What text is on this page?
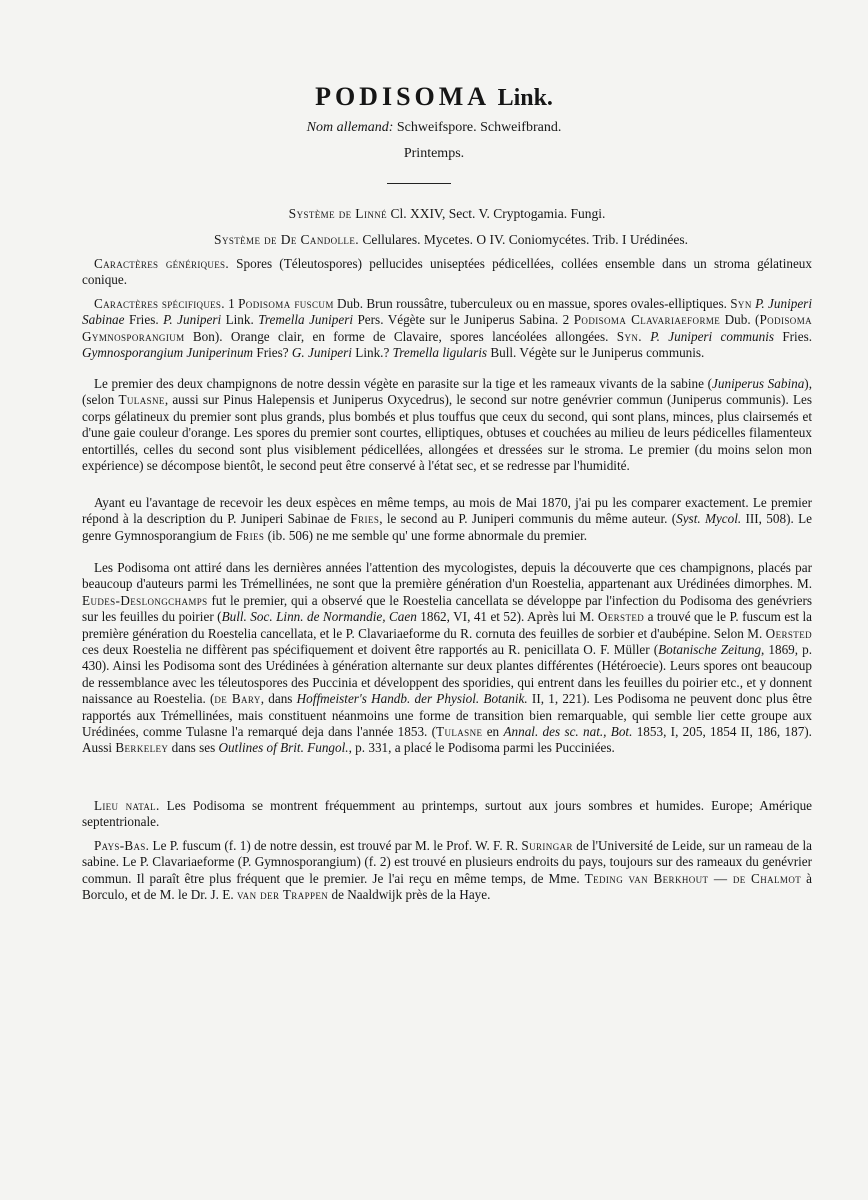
PODISOMA Link.

Nom allemand: Schweifspore. Schweifbrand.

Printemps.

Système de Linné Cl. XXIV, Sect. V. Cryptogamia. Fungi.

Système de De Candolle. Cellulares. Mycetes. O IV. Coniomycétes. Trib. I Urédinées.

Caractères génériques. Spores (Téleutospores) pellucides uniseptées pédicellées, collées ensemble dans un stroma gélatineux conique.

Caractères spécifiques. 1 Podisoma fuscum Dub. Brun roussâtre, tuberculeux ou en massue, spores ovales-elliptiques. Syn P. Juniperi Sabinae Fries. P. Juniperi Link. Tremella Juniperi Pers. Végète sur le Juniperus Sabina. 2 Podisoma Clavariaeforme Dub. (Podisoma Gymnosporangium Bon). Orange clair, en forme de Clavaire, spores lancéolées allongées. Syn. P. Juniperi communis Fries. Gymnosporangium Juniperinum Fries? G. Juniperi Link.? Tremella ligularis Bull. Végète sur le Juniperus communis.

Le premier des deux champignons de notre dessin végète en parasite sur la tige et les rameaux vivants de la sabine (Juniperus Sabina), (selon Tulasne, aussi sur Pinus Halepensis et Juniperus Oxycedrus), le second sur notre genévrier commun (Juniperus communis). Les corps gélatineux du premier sont plus grands, plus bombés et plus touffus que ceux du second, qui sont plans, minces, plus clairsemés et d'une gaie couleur d'orange. Les spores du premier sont courtes, elliptiques, obtuses et couchées au milieu de leurs pédicelles filamenteux entortillés, celles du second sont plus visiblement pédicellées, allongées et dressées sur le stroma. Le premier (du moins selon mon expérience) se décompose bientôt, le second peut être conservé à l'état sec, et se redresse par l'humidité.

Ayant eu l'avantage de recevoir les deux espèces en même temps, au mois de Mai 1870, j'ai pu les comparer exactement. Le premier répond à la description du P. Juniperi Sabinae de Fries, le second au P. Juniperi communis du même auteur. (Syst. Mycol. III, 508). Le genre Gymnosporangium de Fries (ib. 506) ne me semble qu' une forme abnormale du premier.

Les Podisoma ont attiré dans les dernières années l'attention des mycologistes, depuis la découverte que ces champignons, placés par beaucoup d'auteurs parmi les Trémellinées, ne sont que la première génération d'un Roestelia, appartenant aux Urédinées dimorphes. M. Eudes-Deslongchamps fut le premier, qui a observé que le Roestelia cancellata se développe par l'infection du Podisoma des genévriers sur les feuilles du poirier (Bull. Soc. Linn. de Normandie, Caen 1862, VI, 41 et 52). Après lui M. Oersted a trouvé que le P. fuscum est la première génération du Roestelia cancellata, et le P. Clavariaeforme du R. cornuta des feuilles de sorbier et d'aubépine. Selon M. Oersted ces deux Roestelia ne diffèrent pas spécifiquement et doivent être rapportés au R. penicillata O. F. Müller (Botanische Zeitung, 1869, p. 430). Ainsi les Podisoma sont des Urédinées à génération alternante sur deux plantes différentes (Hétéroecie). Leurs spores ont beaucoup de ressemblance avec les téleutospores des Puccinia et développent des sporidies, qui entrent dans les feuilles du poirier etc., et y donnent naissance au Roestelia. (de Bary, dans Hoffmeister's Handb. der Physiol. Botanik. II, 1, 221). Les Podisoma ne peuvent donc plus être rapportés aux Trémellinées, mais constituent néanmoins une forme de transition bien remarquable, qui semble lier cette groupe aux Urédinées, comme Tulasne l'a remarqué deja dans l'année 1853. (Tulasne en Annal. des sc. nat., Bot. 1853, I, 205, 1854 II, 186, 187). Aussi Berkeley dans ses Outlines of Brit. Fungol., p. 331, a placé le Podisoma parmi les Pucciniées.

Lieu natal. Les Podisoma se montrent fréquemment au printemps, surtout aux jours sombres et humides. Europe; Amérique septentrionale.

Pays-Bas. Le P. fuscum (f. 1) de notre dessin, est trouvé par M. le Prof. W. F. R. Suringar de l'Université de Leide, sur un rameau de la sabine. Le P. Clavariaeforme (P. Gymnosporangium) (f. 2) est trouvé en plusieurs endroits du pays, toujours sur des rameaux du genévrier commun. Il paraît être plus fréquent que le premier. Je l'ai reçu en même temps, de Mme. Teding van Berkhout — de Chalmot à Borculo, et de M. le Dr. J. E. van der Trappen de Naaldwijk près de la Haye.
